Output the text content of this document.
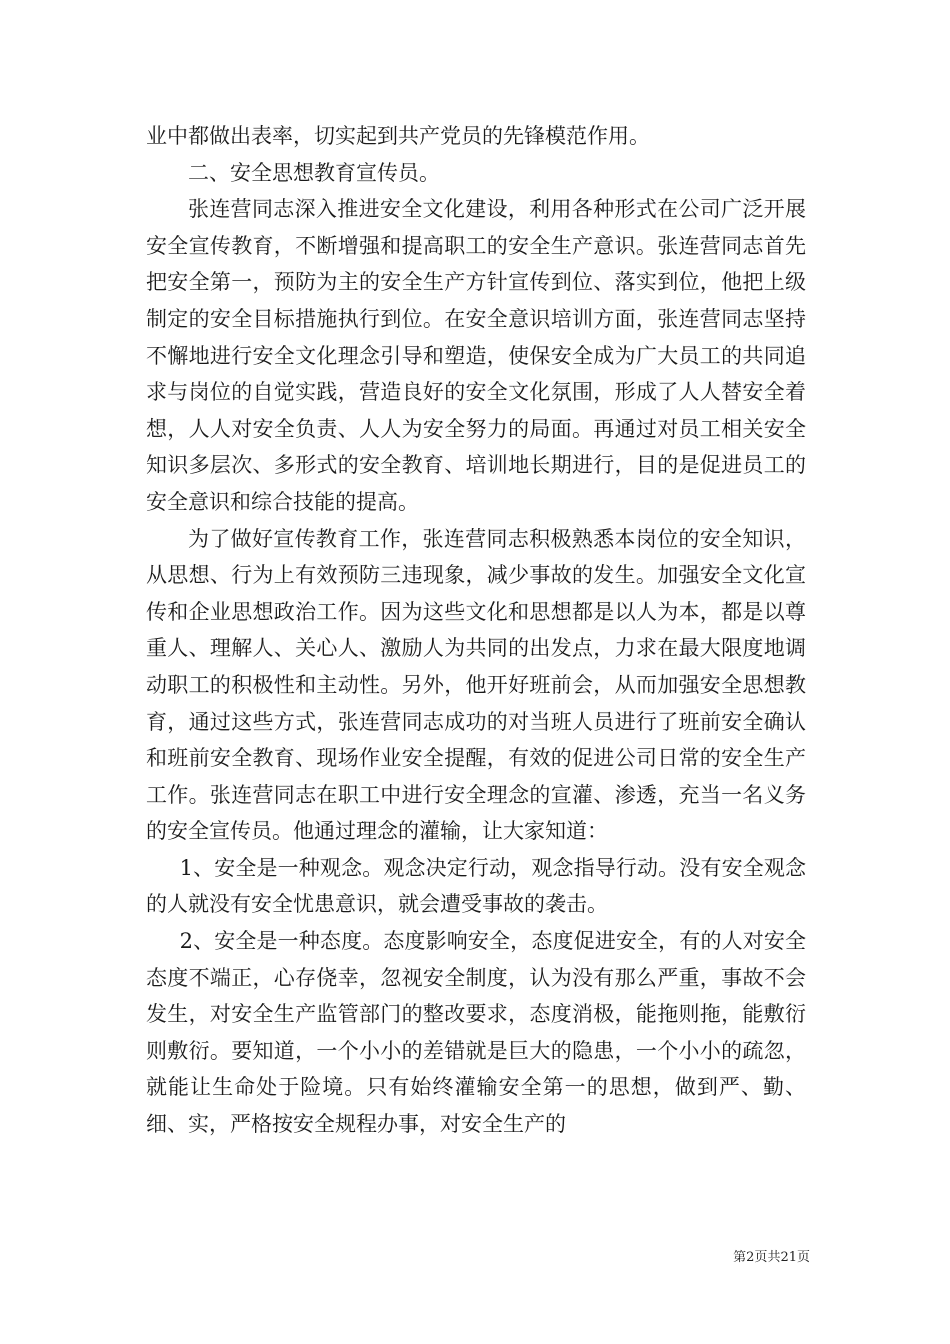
业中都做出表率，切实起到共产党员的先锋模范作用。

二、安全思想教育宣传员。

张连营同志深入推进安全文化建设，利用各种形式在公司广泛开展安全宣传教育，不断增强和提高职工的安全生产意识。张连营同志首先把安全第一，预防为主的安全生产方针宣传到位、落实到位，他把上级制定的安全目标措施执行到位。在安全意识培训方面，张连营同志坚持不懈地进行安全文化理念引导和塑造，使保安全成为广大员工的共同追求与岗位的自觉实践，营造良好的安全文化氛围，形成了人人替安全着想，人人对安全负责、人人为安全努力的局面。再通过对员工相关安全知识多层次、多形式的安全教育、培训地长期进行，目的是促进员工的安全意识和综合技能的提高。

为了做好宣传教育工作，张连营同志积极熟悉本岗位的安全知识，从思想、行为上有效预防三违现象，减少事故的发生。加强安全文化宣传和企业思想政治工作。因为这些文化和思想都是以人为本，都是以尊重人、理解人、关心人、激励人为共同的出发点，力求在最大限度地调动职工的积极性和主动性。另外，他开好班前会，从而加强安全思想教育，通过这些方式，张连营同志成功的对当班人员进行了班前安全确认和班前安全教育、现场作业安全提醒，有效的促进公司日常的安全生产工作。张连营同志在职工中进行安全理念的宣灌、渗透，充当一名义务的安全宣传员。他通过理念的灌输，让大家知道：

1、安全是一种观念。观念决定行动，观念指导行动。没有安全观念的人就没有安全忧患意识，就会遭受事故的袭击。

2、安全是一种态度。态度影响安全，态度促进安全，有的人对安全态度不端正，心存侥幸，忽视安全制度，认为没有那么严重，事故不会发生，对安全生产监管部门的整改要求，态度消极，能拖则拖，能敷衍则敷衍。要知道，一个小小的差错就是巨大的隐患，一个小小的疏忽，就能让生命处于险境。只有始终灌输安全第一的思想，做到严、勤、细、实，严格按安全规程办事，对安全生产的

第2页共21页
